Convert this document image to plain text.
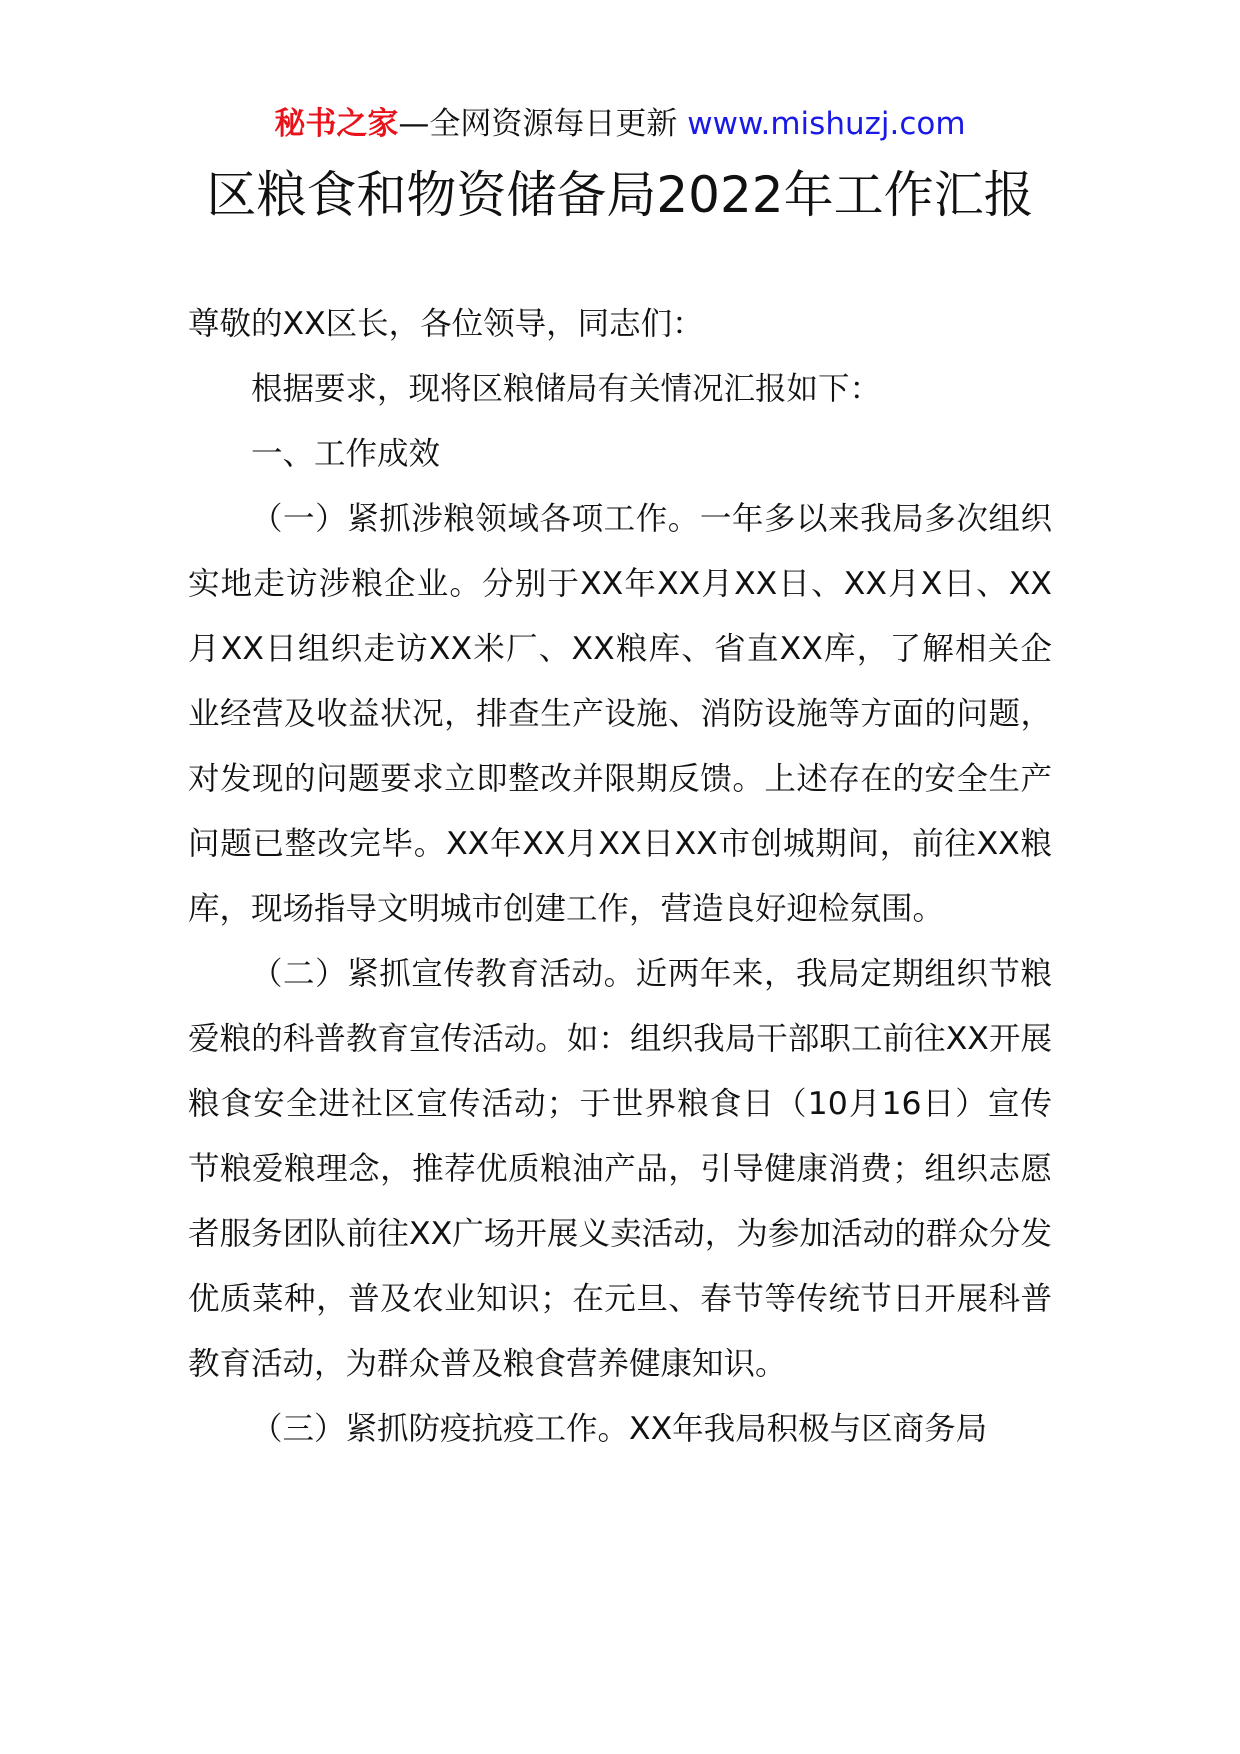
秘书之家—全网资源每日更新 www.mishuzj.com
区粮食和物资储备局2022年工作汇报

尊敬的XX区长，各位领导，同志们：

根据要求，现将区粮储局有关情况汇报如下：

一、工作成效

（一）紧抓涉粮领域各项工作。一年多以来我局多次组织实地走访涉粮企业。分别于XX年XX月XX日、XX月X日、XX月XX日组织走访XX米厂、XX粮库、省直XX库，了解相关企业经营及收益状况，排查生产设施、消防设施等方面的问题，对发现的问题要求立即整改并限期反馈。上述存在的安全生产问题已整改完毕。XX年XX月XX日XX市创城期间，前往XX粮库，现场指导文明城市创建工作，营造良好迎检氛围。

（二）紧抓宣传教育活动。近两年来，我局定期组织节粮爱粮的科普教育宣传活动。如：组织我局干部职工前往XX开展粮食安全进社区宣传活动；于世界粮食日（10月16日）宣传节粮爱粮理念，推荐优质粮油产品，引导健康消费；组织志愿者服务团队前往XX广场开展义卖活动，为参加活动的群众分发优质菜种，普及农业知识；在元旦、春节等传统节日开展科普教育活动，为群众普及粮食营养健康知识。

（三）紧抓防疫抗疫工作。XX年我局积极与区商务局
